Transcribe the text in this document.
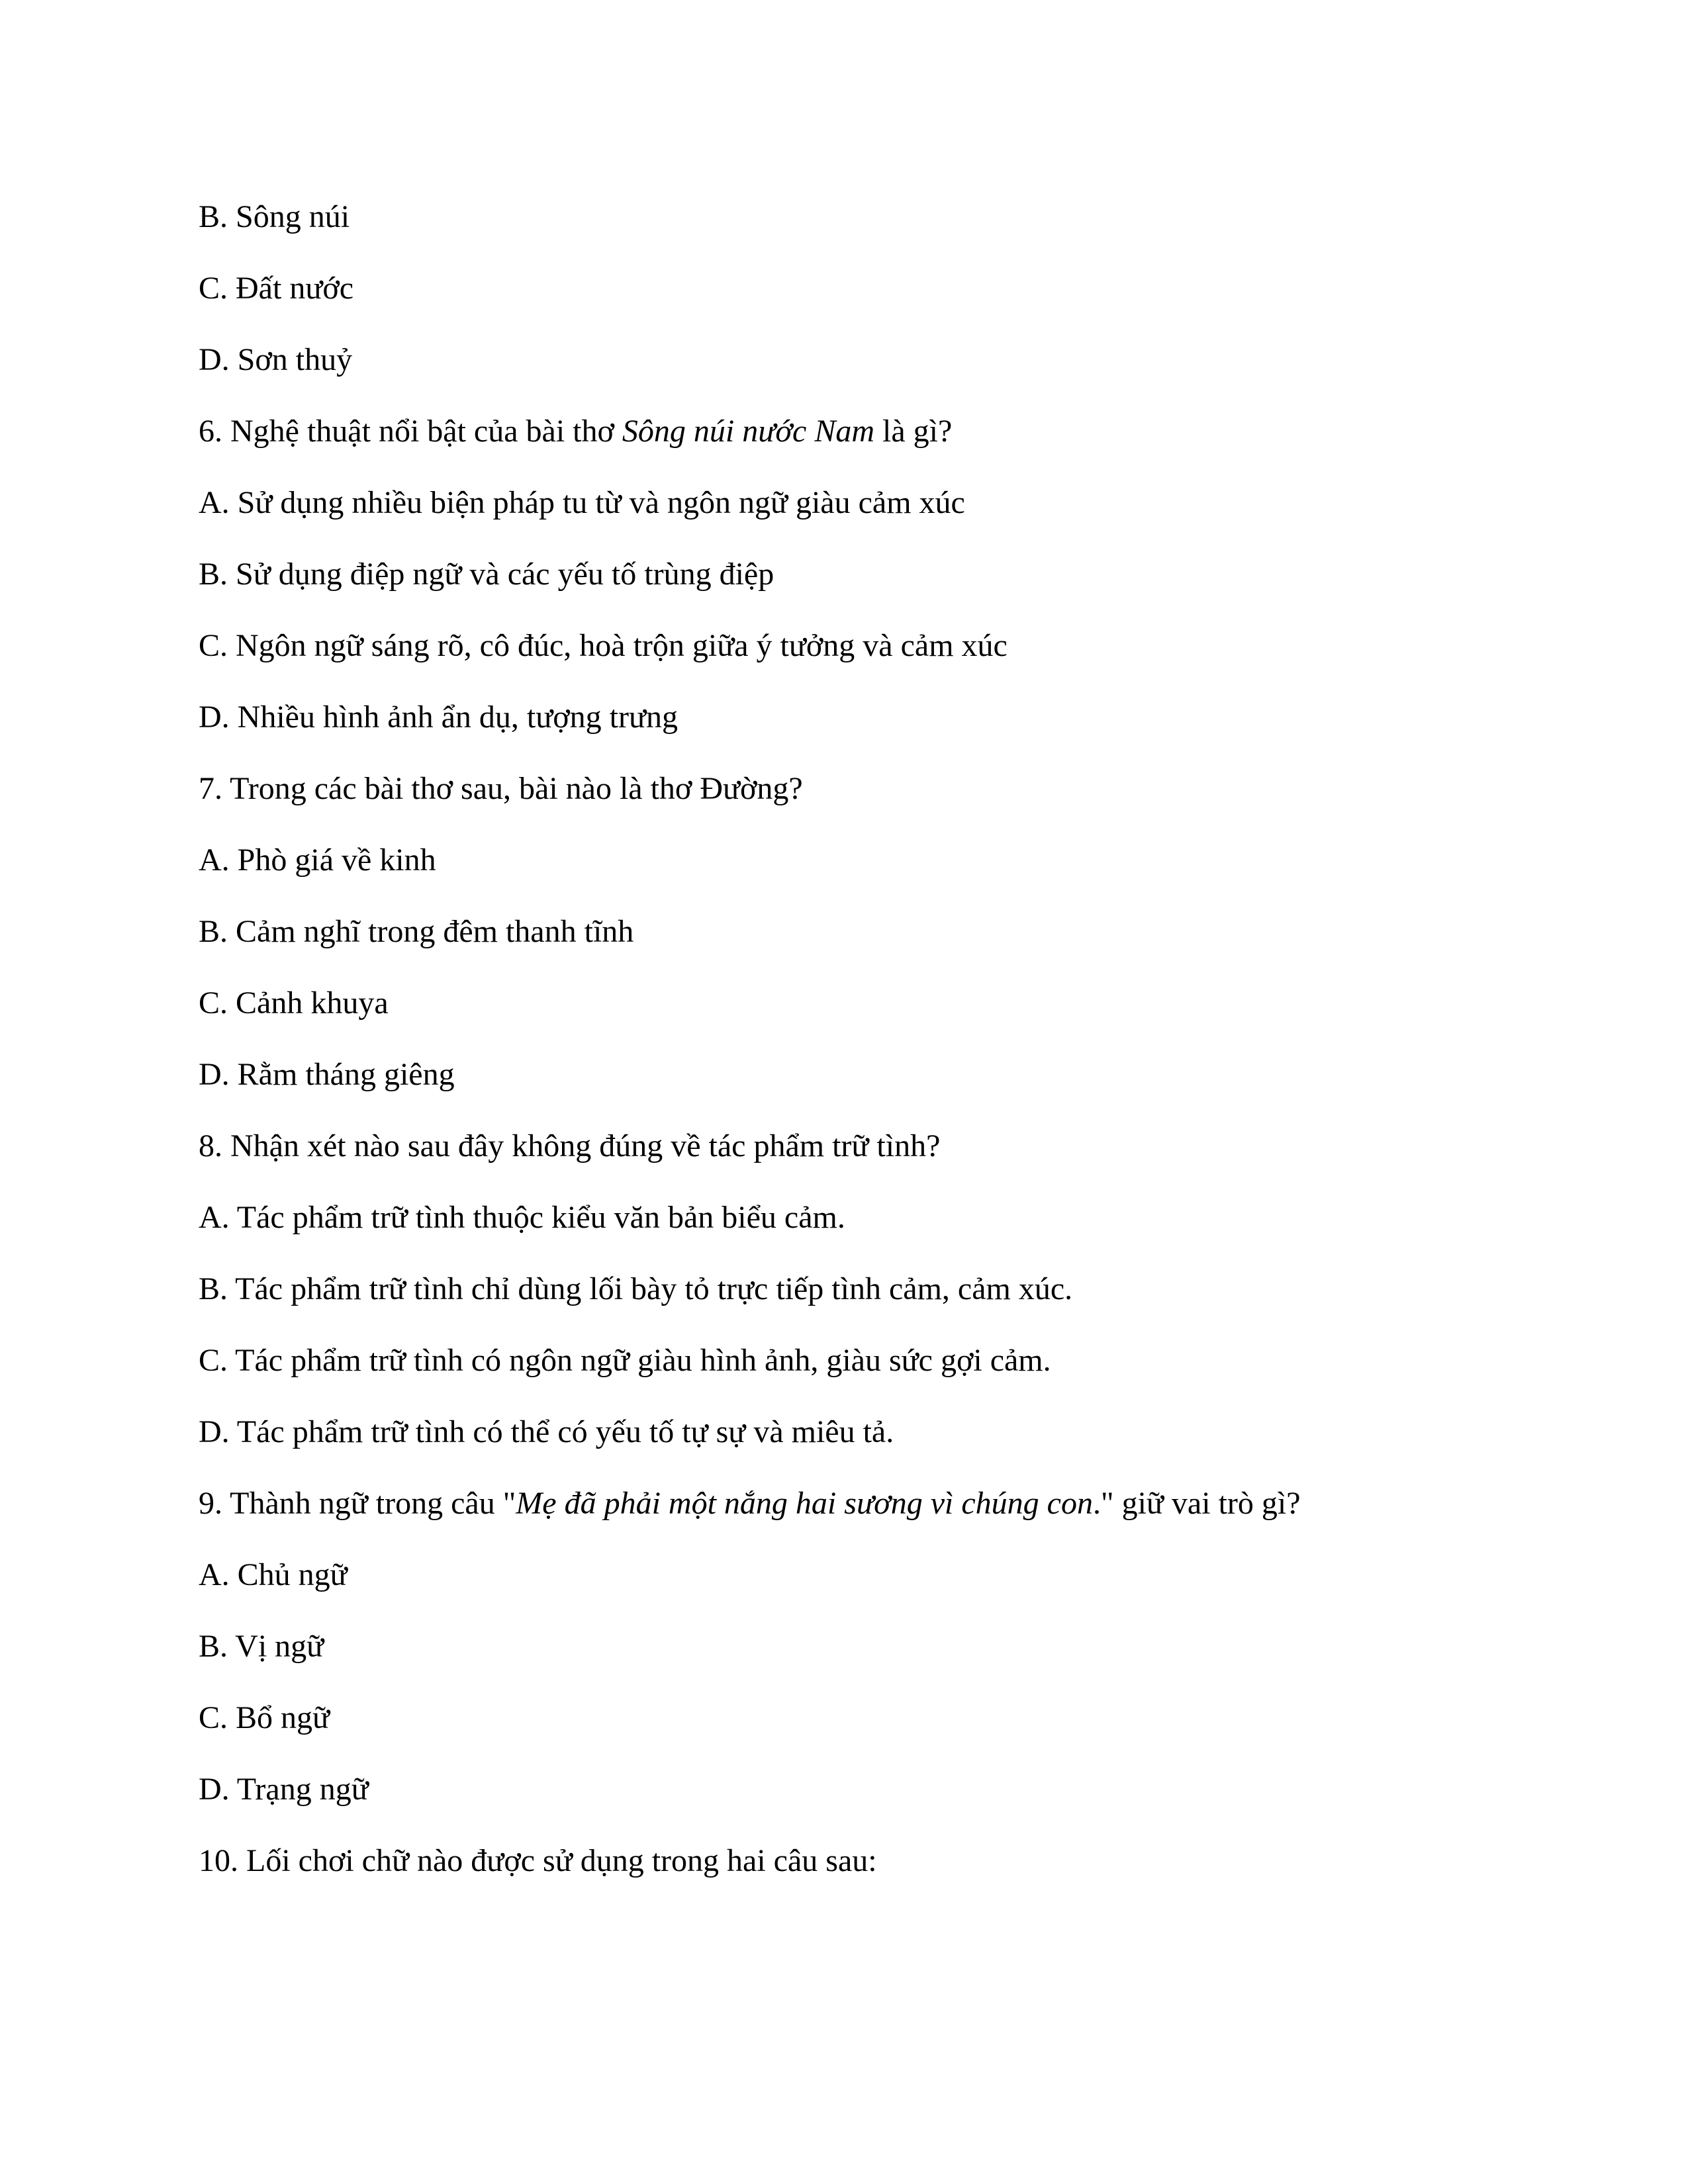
B. Sông núi

C. Đất nước

D. Sơn thuỷ

6. Nghệ thuật nổi bật của bài thơ Sông núi nước Nam là gì?

A. Sử dụng nhiều biện pháp tu từ và ngôn ngữ giàu cảm xúc

B. Sử dụng điệp ngữ và các yếu tố trùng điệp

C. Ngôn ngữ sáng rõ, cô đúc, hoà trộn giữa ý tưởng và cảm xúc

D. Nhiều hình ảnh ẩn dụ, tượng trưng

7. Trong các bài thơ sau, bài nào là thơ Đường?

A. Phò giá về kinh

B. Cảm nghĩ trong đêm thanh tĩnh

C. Cảnh khuya

D. Rằm tháng giêng

8. Nhận xét nào sau đây không đúng về tác phẩm trữ tình?

A. Tác phẩm trữ tình thuộc kiểu văn bản biểu cảm.

B. Tác phẩm trữ tình chỉ dùng lối bày tỏ trực tiếp tình cảm, cảm xúc.

C. Tác phẩm trữ tình có ngôn ngữ giàu hình ảnh, giàu sức gợi cảm.

D. Tác phẩm trữ tình có thể có yếu tố tự sự và miêu tả.

9. Thành ngữ trong câu "Mẹ đã phải một nắng hai sương vì chúng con." giữ vai trò gì?

A. Chủ ngữ

B. Vị ngữ

C. Bổ ngữ

D. Trạng ngữ

10. Lối chơi chữ nào được sử dụng trong hai câu sau:
